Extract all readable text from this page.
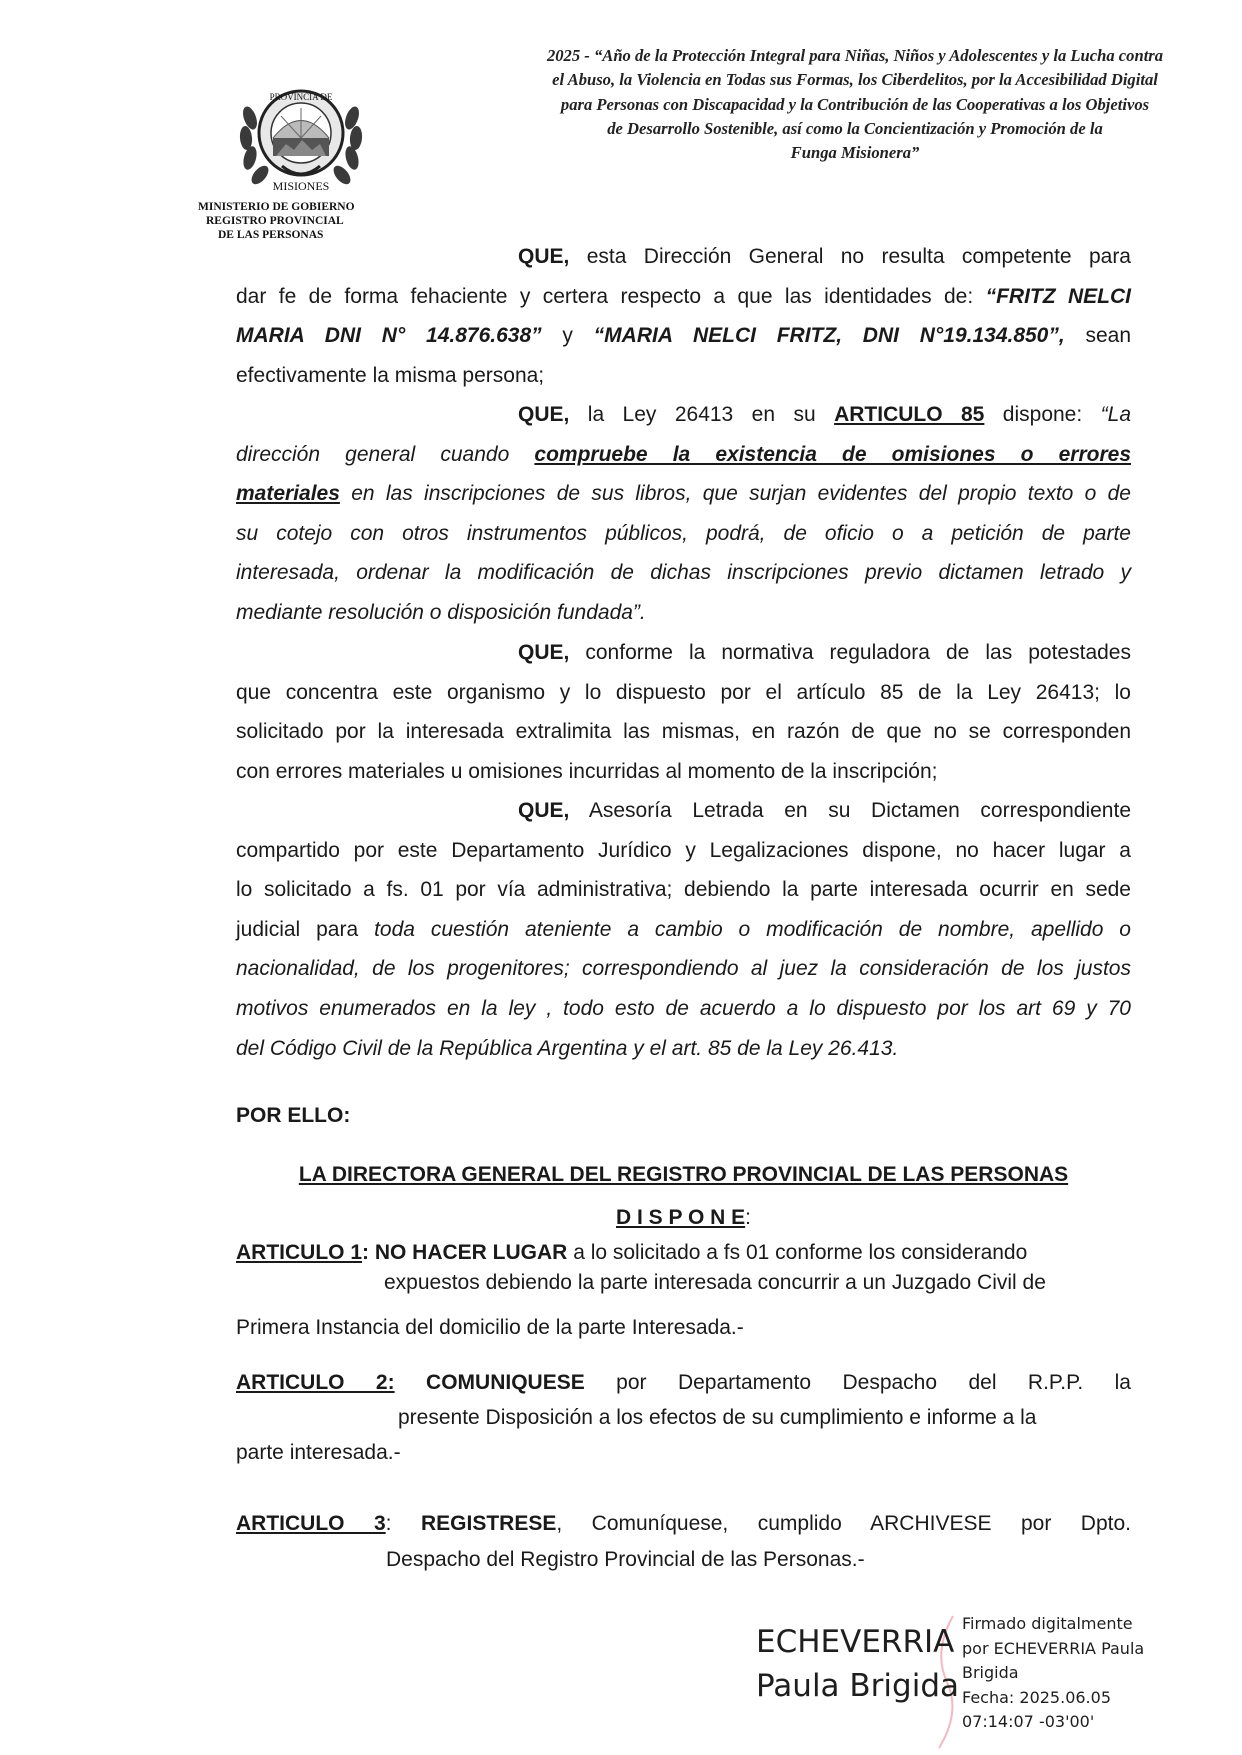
PROVINCIA DE
MISIONES
MINISTERIO DE GOBIERNO
REGISTRO PROVINCIAL
DE LAS PERSONAS
2025 - “Año de la Protección Integral para Niñas, Niños y Adolescentes y la Lucha contra
el Abuso, la Violencia en Todas sus Formas, los Ciberdelitos, por la Accesibilidad Digital
para Personas con Discapacidad y la Contribución de las Cooperativas a los Objetivos
de Desarrollo Sostenible, así como la Concientización y Promoción de la
Funga Misionera”
QUE, esta Dirección General no resulta competente para
dar fe de forma fehaciente y certera respecto a que las identidades de: “FRITZ NELCI
MARIA DNI N° 14.876.638” y “MARIA NELCI FRITZ, DNI N°19.134.850”, sean
efectivamente la misma persona;
QUE, la Ley 26413 en su ARTICULO 85 dispone: “La
dirección general cuando compruebe la existencia de omisiones o errores
materiales en las inscripciones de sus libros, que surjan evidentes del propio texto o de
su cotejo con otros instrumentos públicos, podrá, de oficio o a petición de parte
interesada, ordenar la modificación de dichas inscripciones previo dictamen letrado y
mediante resolución o disposición fundada”.
QUE, conforme la normativa reguladora de las potestades
que concentra este organismo y lo dispuesto por el artículo 85 de la Ley 26413; lo
solicitado por la interesada extralimita las mismas, en razón de que no se corresponden
con errores materiales u omisiones incurridas al momento de la inscripción;
QUE, Asesoría Letrada en su Dictamen correspondiente
compartido por este Departamento Jurídico y Legalizaciones dispone, no hacer lugar a
lo solicitado a fs. 01 por vía administrativa; debiendo la parte interesada ocurrir en sede
judicial para toda cuestión ateniente a cambio o modificación de nombre, apellido o
nacionalidad, de los progenitores; correspondiendo al juez la consideración de los justos
motivos enumerados en la ley , todo esto de acuerdo a lo dispuesto por los art 69 y 70
del Código Civil de la República Argentina y el art. 85 de la Ley 26.413.
POR ELLO:
LA DIRECTORA GENERAL DEL REGISTRO PROVINCIAL DE LAS PERSONAS
D I S P O N E:
ARTICULO 1: NO HACER LUGAR a lo solicitado a fs 01 conforme los considerando
expuestos debiendo la parte interesada concurrir a un Juzgado Civil de
Primera Instancia del domicilio de la parte Interesada.-
ARTICULO 2: COMUNIQUESE por Departamento Despacho del R.P.P. la
presente Disposición a los efectos de su cumplimiento e informe a la
parte interesada.-
ARTICULO 3: REGISTRESE, Comuníquese, cumplido ARCHIVESE por Dpto.
Despacho del Registro Provincial de las Personas.-
ECHEVERRIA
Paula Brigida
Firmado digitalmente
por ECHEVERRIA Paula
Brigida
Fecha: 2025.06.05
07:14:07 -03'00'
